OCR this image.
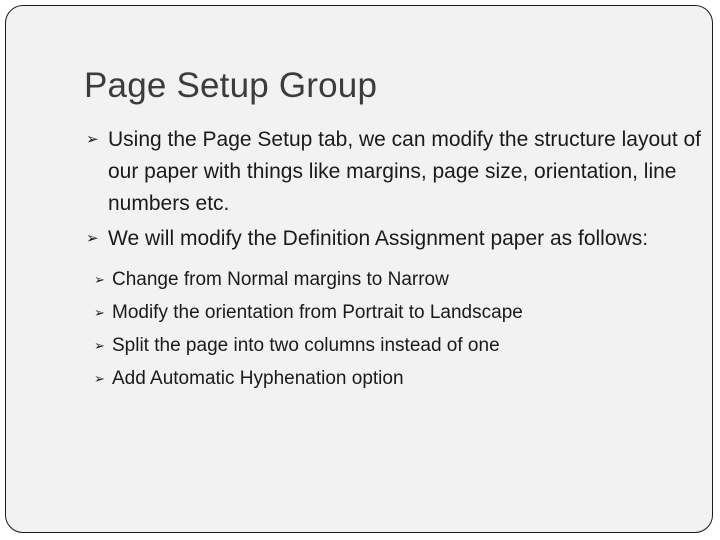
Page Setup Group
➢ Using the Page Setup tab, we can modify the structure layout of our paper with things like margins, page size, orientation, line numbers etc.
➢ We will modify the Definition Assignment paper as follows:
➢ Change from Normal margins to Narrow
➢ Modify the orientation from Portrait to Landscape
➢ Split the page into two columns instead of one
➢ Add Automatic Hyphenation option
